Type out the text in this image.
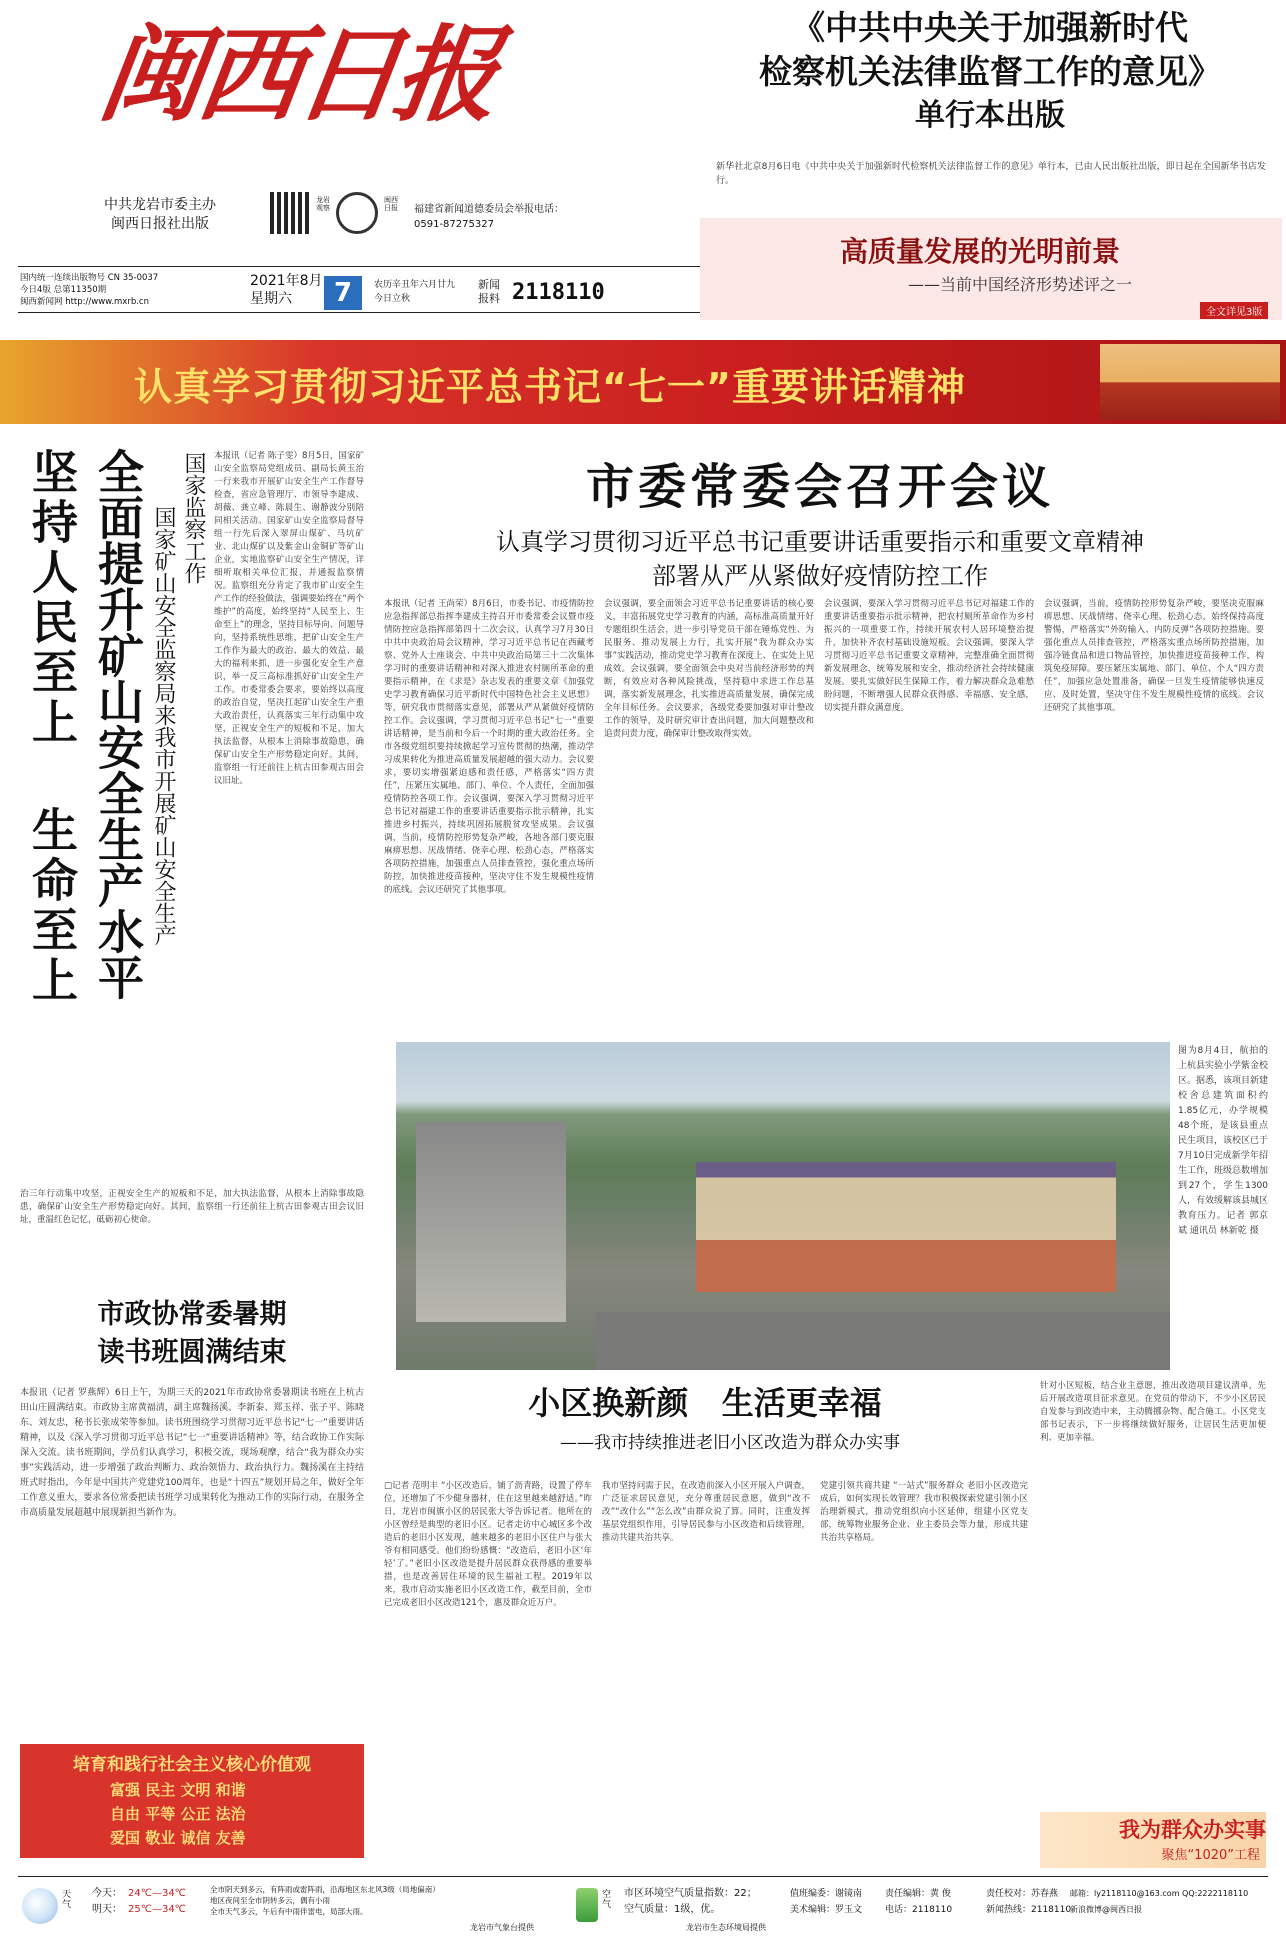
闽西日报
中共龙岩市委主办
闽西日报社出版
龙岩观察
闽西日报 福建省新闻道德委员会举报电话：
0591-87275327
国内统一连续出版物号 CN 35-0037
今日4版 总第11350期
闽西新闻网 http://www.mxrb.cn
2021年8月
星期六	7	农历辛丑年六月廿九
今日立秋
新闻
报料 2118110
《中共中央关于加强新时代
检察机关法律监督工作的意见》
单行本出版
新华社北京8月6日电《中共中央关于加强新时代检察机关法律监督工作的意见》单行本，已由人民出版社出版，即日起在全国新华书店发行。
高质量发展的光明前景
——当前中国经济形势述评之一
全文详见3版
认真学习贯彻习近平总书记“七一”重要讲话精神
坚持人民至上 生命至上 全面提升矿山安全生产水平 国家监察工作
国家矿山安全监察局来我市开展矿山安全生产
本报讯（记者 陈子雯）8月5日，国家矿山安全监察局党组成员、副局长黄玉治一行来我市开展矿山安全生产工作督导检查，省应急管理厅、市领导李建成、胡薇、龚立峰、陈晨生、谢静波分别陪同相关活动。国家矿山安全监察局督导组一行先后深入翠屏山煤矿、马坑矿业、北山煤矿以及紫金山金铜矿等矿山企业，实地监察矿山安全生产情况，详细听取相关单位汇报，并通报监察情况。监察组充分肯定了我市矿山安全生产工作的经验做法，强调要始终在“两个维护”的高度，始终坚持“人民至上、生命至上”的理念，坚持目标导向、问题导向，坚持系统性思维，把矿山安全生产工作作为最大的政治、最大的效益、最大的福利来抓，进一步强化安全生产意识，举一反三高标准抓好矿山安全生产工作。市委常委会要求，要始终以高度的政治自觉，坚决扛起矿山安全生产重大政治责任，认真落实三年行动集中攻坚，正视安全生产的短板和不足，加大执法监督，从根本上消除事故隐患，确保矿山安全生产形势稳定向好。其间，监察组一行还前往上杭古田参观古田会议旧址。
治三年行动集中攻坚，正视安全生产的短板和不足，加大执法监督，从根本上消除事故隐患，确保矿山安全生产形势稳定向好。其间，监察组一行还前往上杭古田参观古田会议旧址，重温红色记忆，砥砺初心使命。
市委常委会召开会议
认真学习贯彻习近平总书记重要讲话重要指示和重要文章精神
部署从严从紧做好疫情防控工作
本报讯（记者 王尚荣）8月6日，市委书记、市疫情防控应急指挥部总指挥李建成主持召开市委常委会议暨市疫情防控应急指挥部第四十二次会议，认真学习7月30日中共中央政治局会议精神，学习习近平总书记在西藏考察、党外人士座谈会、中共中央政治局第三十二次集体学习时的重要讲话精神和对深入推进农村厕所革命的重要指示精神，在《求是》杂志发表的重要文章《加强党史学习教育确保习近平新时代中国特色社会主义思想》等，研究我市贯彻落实意见，部署从严从紧做好疫情防控工作。会议强调，学习贯彻习近平总书记“七一”重要讲话精神，是当前和今后一个时期的重大政治任务。全市各级党组织要持续掀起学习宣传贯彻的热潮，推动学习成果转化为推进高质量发展超越的强大动力。会议要求，要切实增强紧迫感和责任感，严格落实“四方责任”，压紧压实属地、部门、单位、个人责任，全面加强疫情防控各项工作。会议强调，要深入学习贯彻习近平总书记对福建工作的重要讲话重要指示批示精神，扎实推进乡村振兴，持续巩固拓展脱贫攻坚成果。会议强调，当前，疫情防控形势复杂严峻，各地各部门要克服麻痹思想、厌战情绪、侥幸心理、松劲心态，严格落实各项防控措施，加强重点人员排查管控，强化重点场所防控，加快推进疫苗接种，坚决守住不发生规模性疫情的底线。会议还研究了其他事项。
会议强调，要全面领会习近平总书记重要讲话的核心要义，丰富拓展党史学习教育的内涵，高标准高质量开好专题组织生活会，进一步引导党员干部在锤炼党性、为民服务、推动发展上力行，扎实开展“我为群众办实事”实践活动，推动党史学习教育在深度上、在实处上见成效。会议强调，要全面领会中央对当前经济形势的判断，有效应对各种风险挑战，坚持稳中求进工作总基调，落实新发展理念，扎实推进高质量发展，确保完成全年目标任务。会议要求，各级党委要加强对审计整改工作的领导，及时研究审计查出问题，加大问题整改和追责问责力度，确保审计整改取得实效。
会议强调，要深入学习贯彻习近平总书记对福建工作的重要讲话重要指示批示精神，把农村厕所革命作为乡村振兴的一项重要工作，持续开展农村人居环境整治提升，加快补齐农村基础设施短板。会议强调，要深入学习贯彻习近平总书记重要文章精神，完整准确全面贯彻新发展理念，统筹发展和安全，推动经济社会持续健康发展。要扎实做好民生保障工作，着力解决群众急难愁盼问题，不断增强人民群众获得感、幸福感、安全感，切实提升群众满意度。
会议强调，当前，疫情防控形势复杂严峻，要坚决克服麻痹思想、厌战情绪、侥幸心理、松劲心态，始终保持高度警惕，严格落实“外防输入、内防反弹”各项防控措施。要强化重点人员排查管控，严格落实重点场所防控措施，加强冷链食品和进口物品管控，加快推进疫苗接种工作，构筑免疫屏障。要压紧压实属地、部门、单位、个人“四方责任”，加强应急处置准备，确保一旦发生疫情能够快速反应、及时处置，坚决守住不发生规模性疫情的底线。会议还研究了其他事项。
图为8月4日，航拍的上杭县实验小学紫金校区。据悉，该项目新建校舍总建筑面积约1.85亿元，办学规模48个班，是该县重点民生项目，该校区已于7月10日完成新学年招生工作，班级总数增加到27个，学生1300人，有效缓解该县城区教育压力。记者 郭京斌 通讯员 林新乾 摄
市政协常委暑期
读书班圆满结束
本报讯（记者 罗燕辉）6日上午，为期三天的2021年市政协常委暑期读书班在上杭古田山庄圆满结束。市政协主席黄福清，副主席魏扬溪、李新泰、郑玉祥、张子平、陈晓东、刘友忠，秘书长张成荣等参加。读书班围绕学习贯彻习近平总书记“七一”重要讲话精神，以及《深入学习贯彻习近平总书记“七一”重要讲话精神》等，结合政协工作实际深入交流。读书班期间，学员们认真学习，积极交流，现场观摩，结合“我为群众办实事”实践活动，进一步增强了政治判断力、政治领悟力、政治执行力。魏扬溪在主持结班式时指出，今年是中国共产党建党100周年，也是“十四五”规划开局之年，做好全年工作意义重大，要求各位常委把读书班学习成果转化为推动工作的实际行动，在服务全市高质量发展超越中展现新担当新作为。
培育和践行社会主义核心价值观
富强 民主 文明 和谐
自由 平等 公正 法治
爱国 敬业 诚信 友善
小区换新颜   生活更幸福
——我市持续推进老旧小区改造为群众办实事
□记者 范明丰 “小区改造后，铺了沥青路，设置了停车位，还增加了不少健身器材，住在这里越来越舒适。”昨日，龙岩市闽旗小区的居民张大爷告诉记者。他所在的小区曾经是典型的老旧小区。记者走访中心城区多个改造后的老旧小区发现，越来越多的老旧小区住户与张大爷有相同感受。他们纷纷感慨：“改造后，老旧小区‘年轻’了。”老旧小区改造是提升居民群众获得感的重要举措，也是改善居住环境的民生福祉工程。2019年以来，我市启动实施老旧小区改造工作，截至目前，全市已完成老旧小区改造121个，惠及群众近万户。
我市坚持问需于民，在改造前深入小区开展入户调查，广泛征求居民意见，充分尊重居民意愿，做到“改不改”“改什么”“怎么改”由群众说了算。同时，注重发挥基层党组织作用，引导居民参与小区改造和后续管理，推动共建共治共享。
党建引领共商共建 “一站式”服务群众 老旧小区改造完成后，如何实现长效管理？我市积极探索党建引领小区治理新模式，推动党组织向小区延伸，组建小区党支部，统筹物业服务企业、业主委员会等力量，形成共建共治共享格局。
针对小区短板，结合业主意愿，推出改造项目建议清单，先后开展改造项目征求意见。在党员的带动下，不少小区居民自发参与到改造中来，主动腾挪杂物、配合施工。小区党支部书记表示，下一步将继续做好服务，让居民生活更加便利、更加幸福。
我为群众办实事
聚焦“1020”工程
天气
今天： 24℃—34℃
明天： 25℃—34℃
全市阴天到多云，有阵雨或雷阵雨，沿海地区东北风3级（局地偏南）
地区夜间至全市阴转多云，偶有小雨
全市天气多云，午后有中雨伴雷电，局部大雨。
龙岩市气象台提供
空气
市区环境空气质量指数：22；
空气质量：1级，优。
龙岩市生态环境局提供
值班编委：谢镜南	责任编辑：黄 俊
美术编辑：罗玉文	电话：2118110
责任校对：苏春燕
新闻热线：2118110
邮箱：ly2118110@163.com QQ:2222118110
新浪微博@闽西日报
